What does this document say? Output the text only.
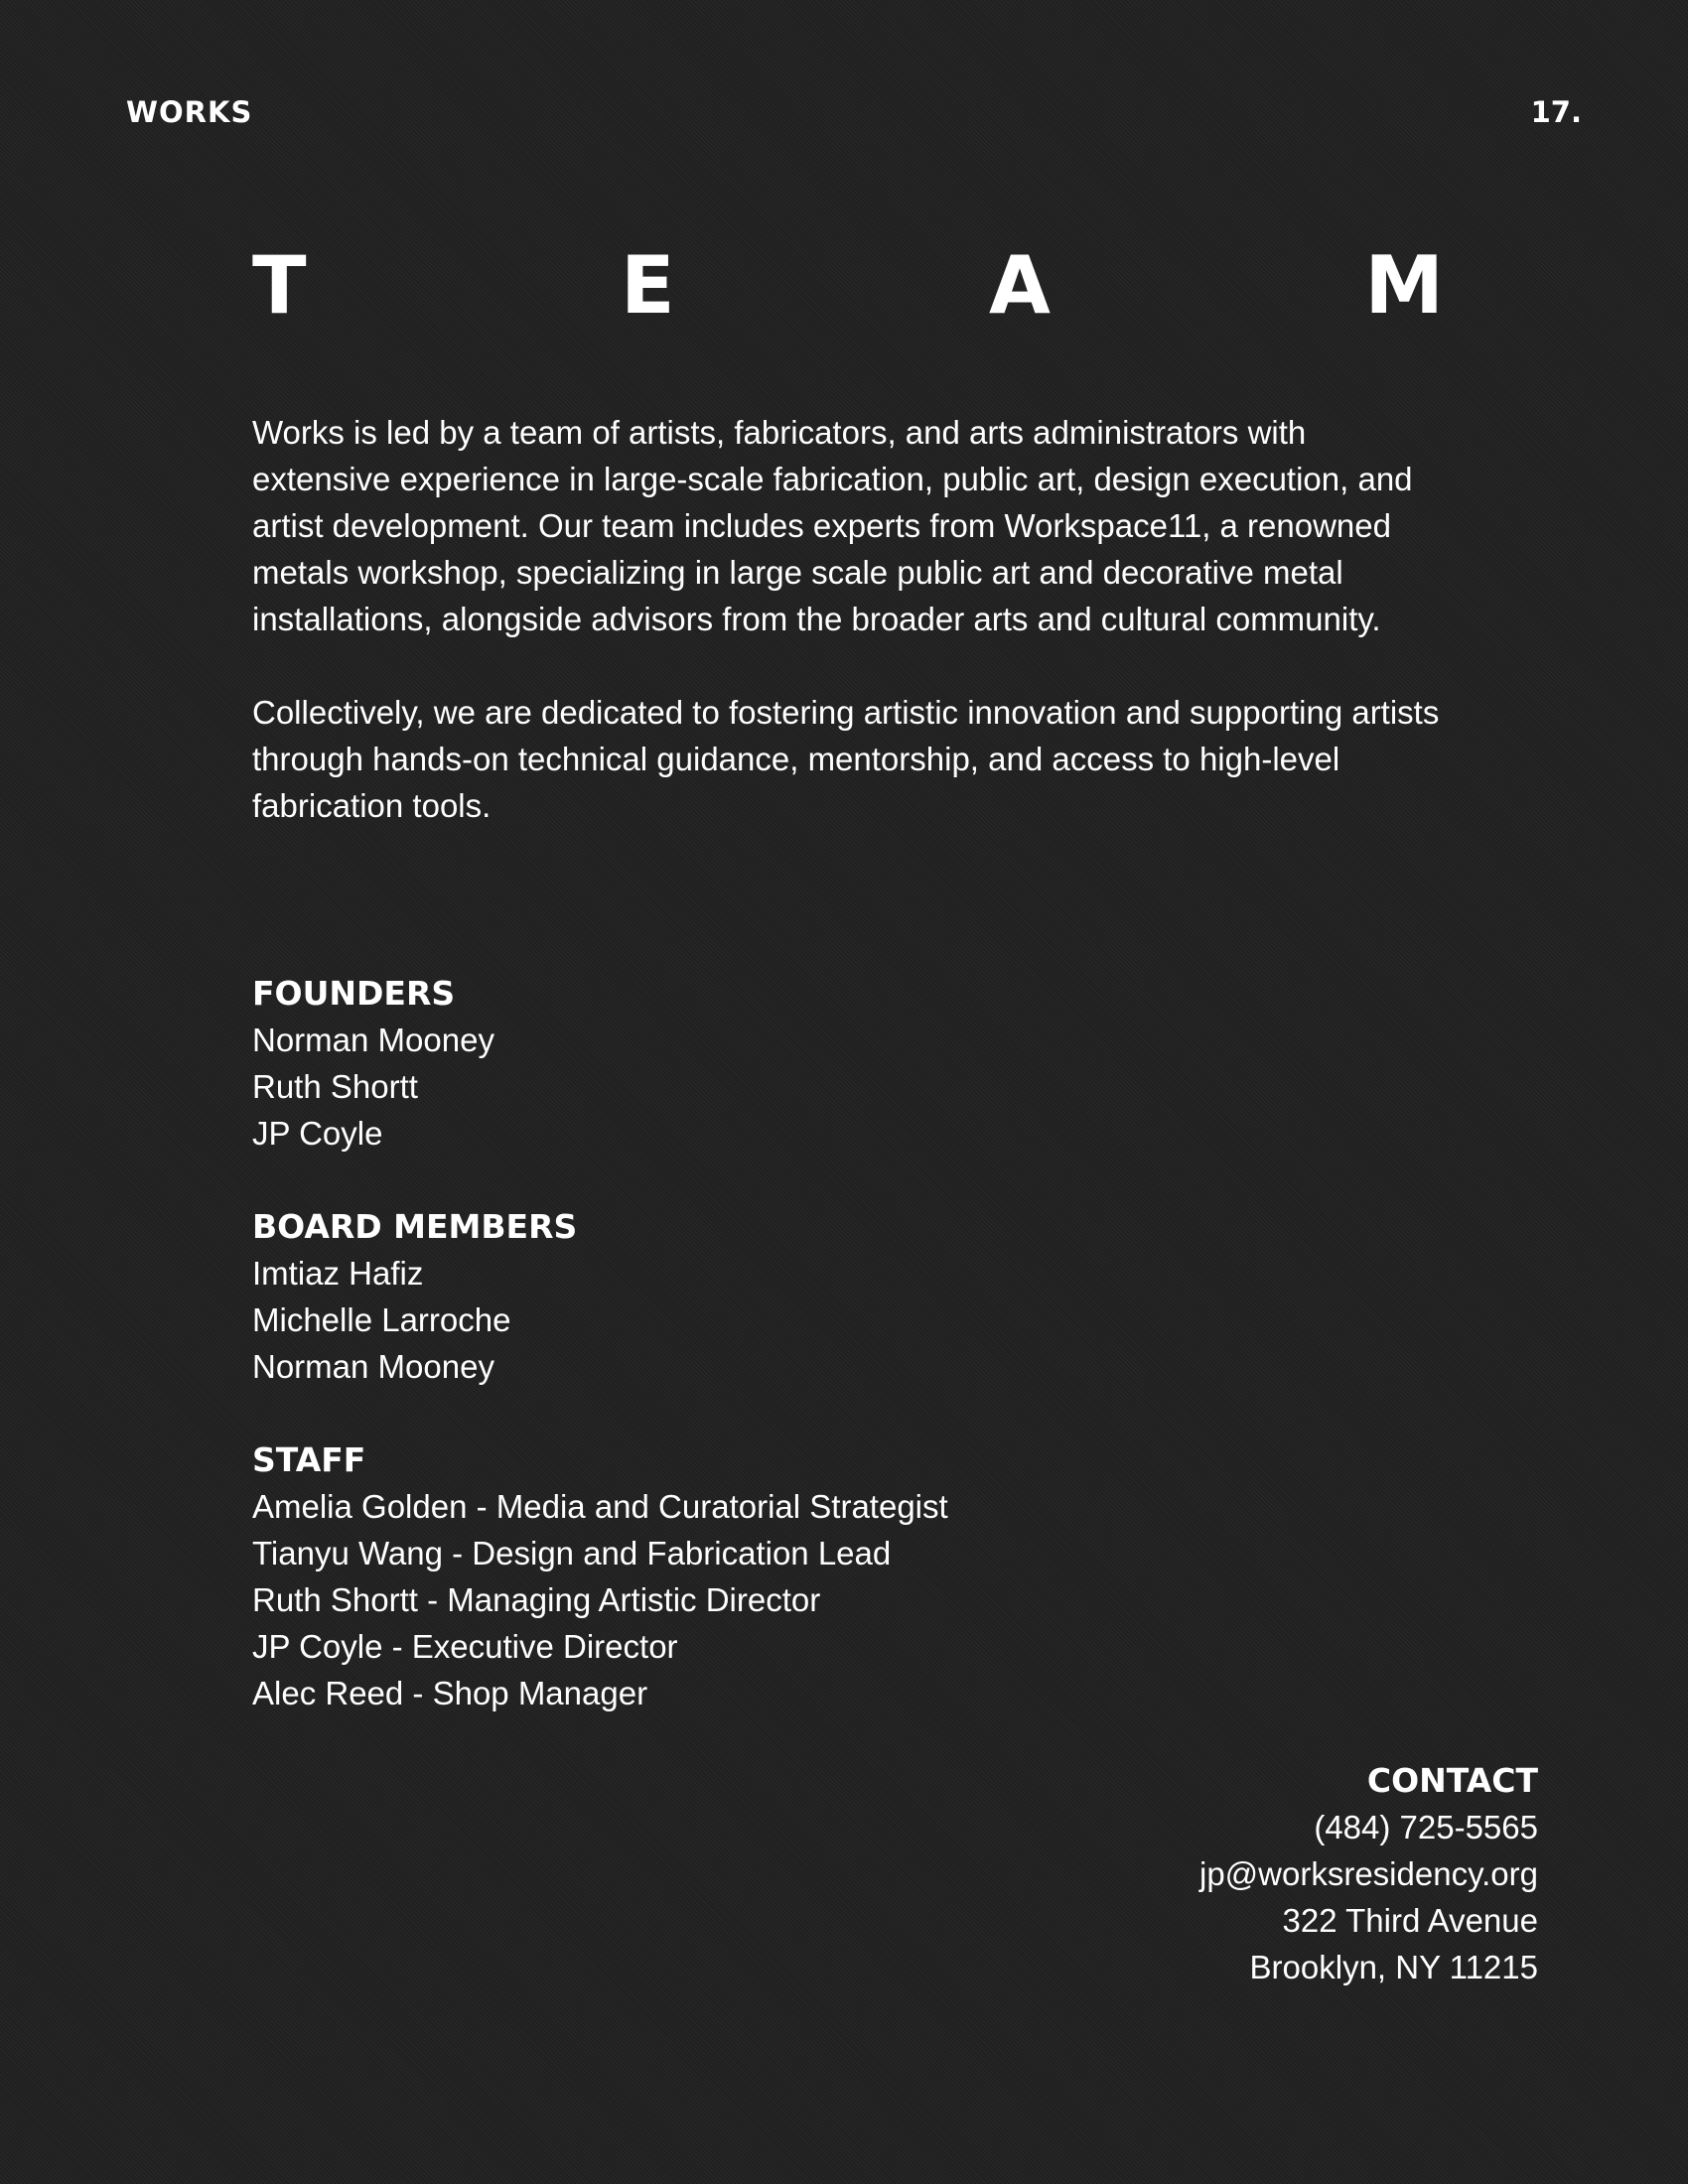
WORKS	17.
T	E	A	M

Works is led by a team of artists, fabricators, and arts administrators with extensive experience in large-scale fabrication, public art, design execution, and artist development. Our team includes experts from Workspace11, a renowned metals workshop, specializing in large scale public art and decorative metal installations, alongside advisors from the broader arts and cultural community.

Collectively, we are dedicated to fostering artistic innovation and supporting artists through hands-on technical guidance, mentorship, and access to high-level fabrication tools.

FOUNDERS
Norman Mooney
Ruth Shortt
JP Coyle
BOARD MEMBERS
Imtiaz Hafiz
Michelle Larroche
Norman Mooney
STAFF
Amelia Golden - Media and Curatorial Strategist
Tianyu Wang - Design and Fabrication Lead
Ruth Shortt - Managing Artistic Director
JP Coyle - Executive Director
Alec Reed - Shop Manager
CONTACT
(484) 725-5565
jp@worksresidency.org
322 Third Avenue
Brooklyn, NY 11215
